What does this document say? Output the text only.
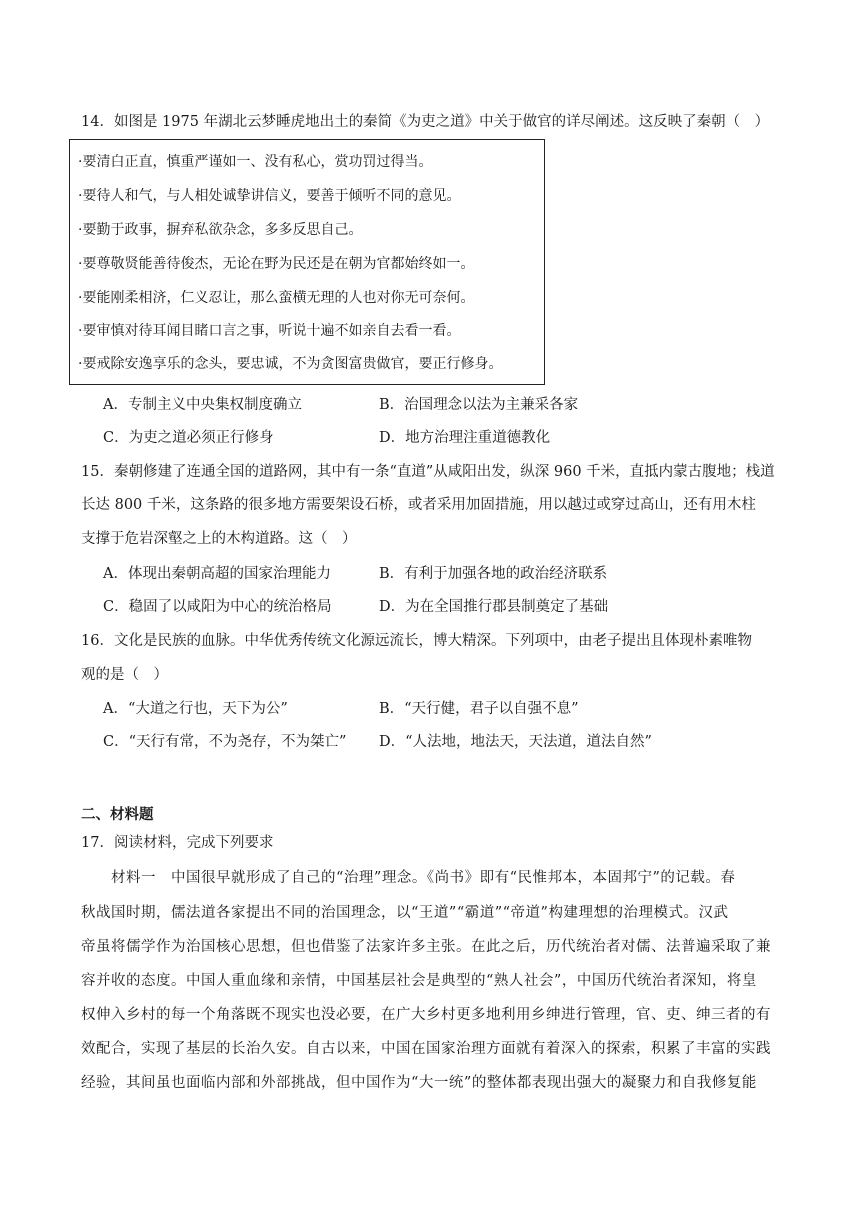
14．如图是 1975 年湖北云梦睡虎地出土的秦简《为吏之道》中关于做官的详尽阐述。这反映了秦朝（　）
·要清白正直，慎重严谨如一、没有私心，赏功罚过得当。
·要待人和气，与人相处诚挚讲信义，要善于倾听不同的意见。
·要勤于政事，摒弃私欲杂念，多多反思自己。
·要尊敬贤能善待俊杰，无论在野为民还是在朝为官都始终如一。
·要能刚柔相济，仁义忍让，那么蛮横无理的人也对你无可奈何。
·要审慎对待耳闻目睹口言之事，听说十遍不如亲自去看一看。
·要戒除安逸享乐的念头，要忠诚，不为贪图富贵做官，要正行修身。
A．专制主义中央集权制度确立	B．治国理念以法为主兼采各家
C．为吏之道必须正行修身	D．地方治理注重道德教化
15．秦朝修建了连通全国的道路网，其中有一条“直道”从咸阳出发，纵深 960 千米，直抵内蒙古腹地；栈道
长达 800 千米，这条路的很多地方需要架设石桥，或者采用加固措施，用以越过或穿过高山，还有用木柱
支撑于危岩深壑之上的木构道路。这（　）
A．体现出秦朝高超的国家治理能力	B．有利于加强各地的政治经济联系
C．稳固了以咸阳为中心的统治格局	D．为在全国推行郡县制奠定了基础
16．文化是民族的血脉。中华优秀传统文化源远流长，博大精深。下列项中，由老子提出且体现朴素唯物
观的是（　）
A．“大道之行也，天下为公”	B．“天行健，君子以自强不息”
C．“天行有常，不为尧存，不为桀亡” D．“人法地，地法天，天法道，道法自然”
二、材料题
17．阅读材料，完成下列要求
　　材料一　中国很早就形成了自己的“治理”理念。《尚书》即有“民惟邦本，本固邦宁”的记载。春
秋战国时期，儒法道各家提出不同的治国理念，以“王道”“霸道”“帝道”构建理想的治理模式。汉武
帝虽将儒学作为治国核心思想，但也借鉴了法家许多主张。在此之后，历代统治者对儒、法普遍采取了兼
容并收的态度。中国人重血缘和亲情，中国基层社会是典型的“熟人社会”，中国历代统治者深知，将皇
权伸入乡村的每一个角落既不现实也没必要，在广大乡村更多地利用乡绅进行管理，官、吏、绅三者的有
效配合，实现了基层的长治久安。自古以来，中国在国家治理方面就有着深入的探索，积累了丰富的实践
经验，其间虽也面临内部和外部挑战，但中国作为“大一统”的整体都表现出强大的凝聚力和自我修复能
